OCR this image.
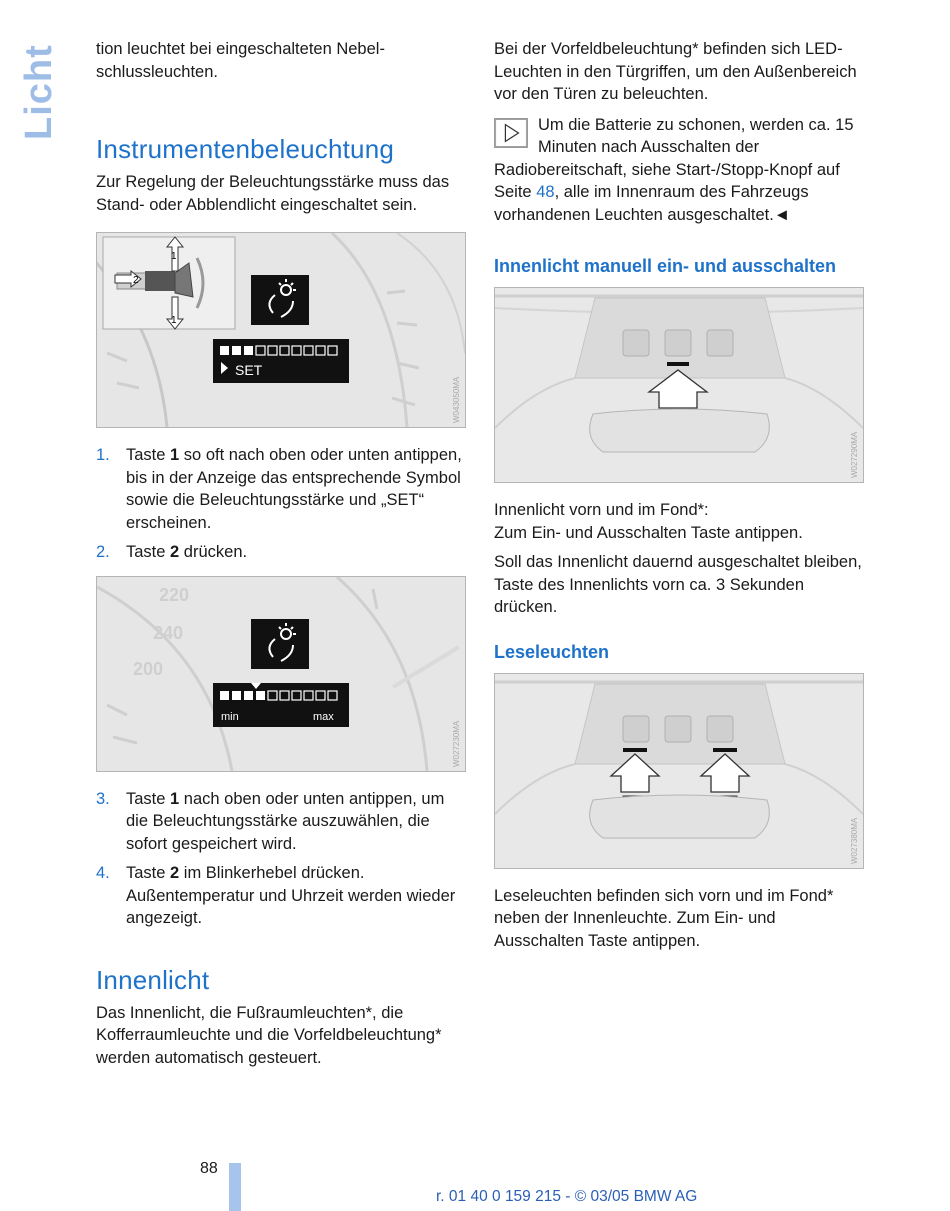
Licht tion leuchtet bei eingeschalteten Nebelschlussleuchten.

Instrumentenbeleuchtung

Zur Regelung der Beleuchtungsstärke muss das Stand- oder Abblendlicht eingeschaltet sein.

1
1
2
SET
W043050MA
1. Taste 1 so oft nach oben oder unten antippen, bis in der Anzeige das entsprechende Symbol sowie die Beleuchtungsstärke und „SET“ erscheinen.
2. Taste 2 drücken.
220
240
200
min	max
W027230MA
3. Taste 1 nach oben oder unten antippen, um die Beleuchtungsstärke auszuwählen, die sofort gespeichert wird.
4. Taste 2 im Blinkerhebel drücken. Außentemperatur und Uhrzeit werden wieder angezeigt.
Innenlicht

Das Innenlicht, die Fußraumleuchten*, die Kofferraumleuchte und die Vorfeldbeleuchtung* werden automatisch gesteuert.

Bei der Vorfeldbeleuchtung* befinden sich LED-Leuchten in den Türgriffen, um den Außenbereich vor den Türen zu beleuchten.

Um die Batterie zu schonen, werden ca. 15 Minuten nach Ausschalten der Radiobereitschaft, siehe Start-/Stopp-Knopf auf Seite 48, alle im Innenraum des Fahrzeugs vorhandenen Leuchten ausgeschaltet.◄

Innenlicht manuell ein- und ausschalten
W027290MA

Innenlicht vorn und im Fond*:

Zum Ein- und Ausschalten Taste antippen.

Soll das Innenlicht dauernd ausgeschaltet bleiben, Taste des Innenlichts vorn ca. 3 Sekunden drücken.

Leseleuchten
W027380MA

Leseleuchten befinden sich vorn und im Fond* neben der Innenleuchte. Zum Ein- und Ausschalten Taste antippen.

88
r. 01 40 0 159 215 - © 03/05 BMW AG
